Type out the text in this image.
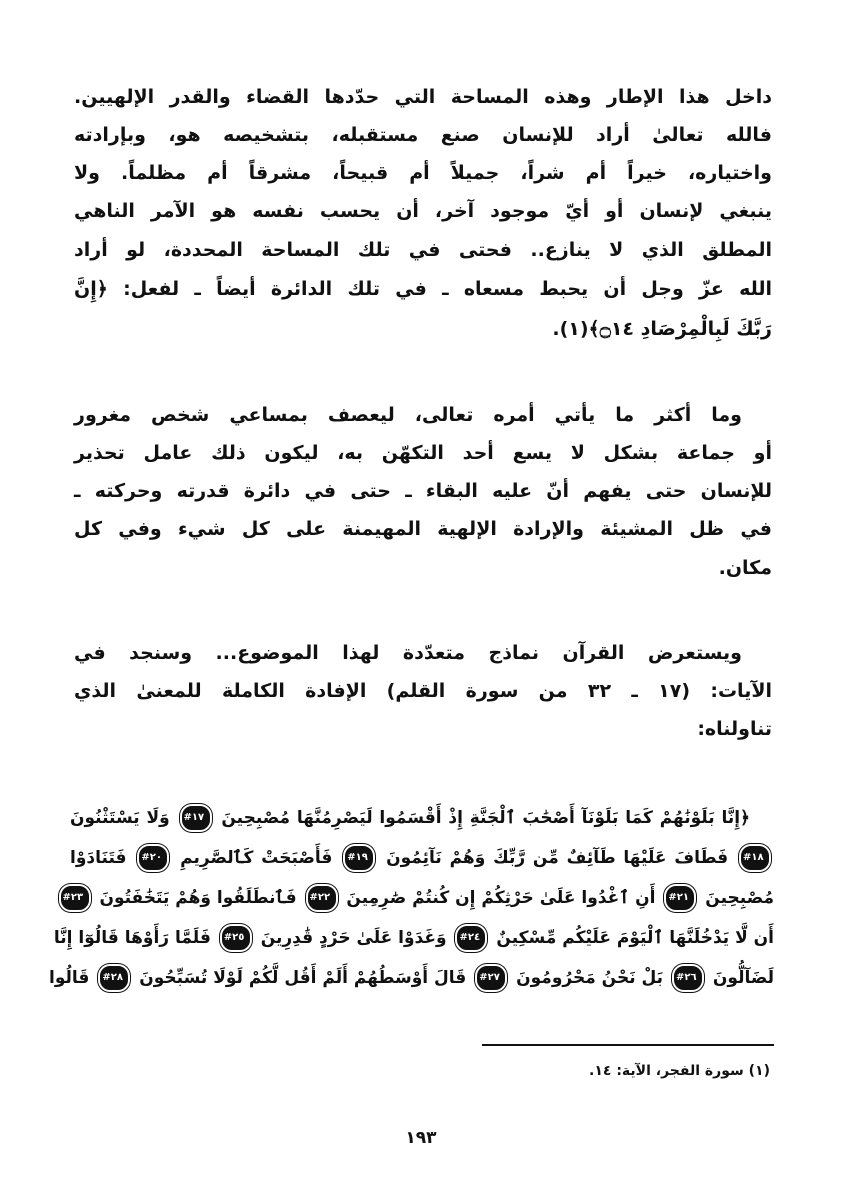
داخل هذا الإطار وهذه المساحة التي حدّدها القضاء والقدر الإلهيين.
فالله تعالىٰ أراد للإنسان صنع مستقبله، بتشخيصه هو، وبإرادته
واختياره، خيراً أم شراً، جميلاً أم قبيحاً، مشرقاً أم مظلماً. ولا
ينبغي لإنسان أو أيّ موجود آخر، أن يحسب نفسه هو الآمر الناهي
المطلق الذي لا ينازع.. فحتى في تلك المساحة المحددة، لو أراد
الله عزّ وجل أن يحبط مسعاه ـ في تلك الدائرة أيضاً ـ لفعل: ﴿إِنَّ
رَبَّكَ لَبِالْمِرْصَادِ ۝١٤﴾(١).
وما أكثر ما يأتي أمره تعالى، ليعصف بمساعي شخص مغرور
أو جماعة بشكل لا يسع أحد التكهّن به، ليكون ذلك عامل تحذير
للإنسان حتى يفهم أنّ عليه البقاء ـ حتى في دائرة قدرته وحركته ـ
في ظل المشيئة والإرادة الإلهية المهيمنة على كل شيء وفي كل
مكان.
ويستعرض القرآن نماذج متعدّدة لهذا الموضوع... وسنجد في
الآيات: (١٧ ـ ٣٢ من سورة القلم) الإفادة الكاملة للمعنىٰ الذي
تناولناه:
﴿إِنَّا بَلَوْنَٰهُمْ كَمَا بَلَوْنَآ أَصْحَٰبَ ٱلْجَنَّةِ إِذْ أَقْسَمُوا لَيَصْرِمُنَّهَا مُصْبِحِينَ #١٧ وَلَا يَسْتَثْنُونَ
#١٨ فَطَافَ عَلَيْهَا طَآئِفٌ مِّن رَّبِّكَ وَهُمْ نَآئِمُونَ #١٩ فَأَصْبَحَتْ كَٱلصَّرِيمِ #٢٠ فَتَنَادَوْا
مُصْبِحِينَ #٢١ أَنِ ٱغْدُوا عَلَىٰ حَرْثِكُمْ إِن كُنتُمْ صَٰرِمِينَ #٢٢ فَٱنطَلَقُوا وَهُمْ يَتَخَٰفَتُونَ #٢٣
أَن لَّا يَدْخُلَنَّهَا ٱلْيَوْمَ عَلَيْكُم مِّسْكِينٌ #٢٤ وَغَدَوْا عَلَىٰ حَرْدٍ قَٰدِرِينَ #٢٥ فَلَمَّا رَأَوْهَا قَالُوٓا إِنَّا
لَضَآلُّونَ #٢٦ بَلْ نَحْنُ مَحْرُومُونَ #٢٧ قَالَ أَوْسَطُهُمْ أَلَمْ أَقُل لَّكُمْ لَوْلَا تُسَبِّحُونَ #٢٨ قَالُوا
(١) سورة الفجر، الآية: ١٤.
١٩٣
